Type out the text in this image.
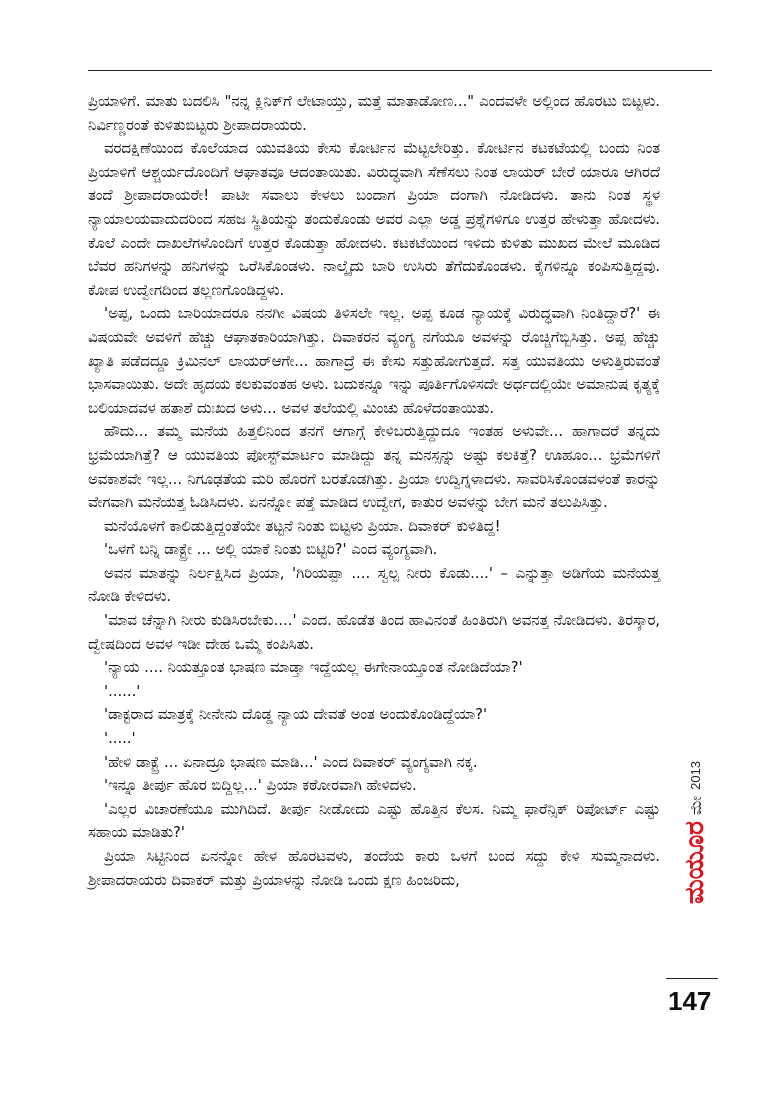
ಪ್ರಿಯಾಳಿಗೆ. ಮಾತು ಬದಲಿಸಿ "ನನ್ನ ಕ್ಲಿನಿಕ್‌ಗೆ ಲೇಟಾಯ್ತು, ಮತ್ತೆ ಮಾತಾಡೋಣ..." ಎಂದವಳೇ ಅಲ್ಲಿಂದ ಹೊರಟು ಬಿಟ್ಟಳು. ನಿರ್ವಿಣ್ಣರಂತೆ ಕುಳಿತುಬಿಟ್ಟರು ಶ್ರೀಪಾದರಾಯರು.

ವರದಕ್ಷಿಣೆಯಿಂದ ಕೊಲೆಯಾದ ಯುವತಿಯ ಕೇಸು ಕೋರ್ಟಿನ ಮೆಟ್ಟಲೇರಿತ್ತು. ಕೋರ್ಟಿನ ಕಟಕಟೆಯಲ್ಲಿ ಬಂದು ನಿಂತ ಪ್ರಿಯಾಳಿಗೆ ಆಶ್ಚರ್ಯದೊಂದಿಗೆ ಆಘಾತವೂ ಆದಂತಾಯಿತು. ವಿರುದ್ಧವಾಗಿ ಸೆಣೆಸಲು ನಿಂತ ಲಾಯರ್ ಬೇರೆ ಯಾರೂ ಆಗಿರದೆ ತಂದೆ ಶ್ರೀಪಾದರಾಯರೇ! ಪಾಟೀ ಸವಾಲು ಕೇಳಲು ಬಂದಾಗ ಪ್ರಿಯಾ ದಂಗಾಗಿ ನೋಡಿದಳು. ತಾನು ನಿಂತ ಸ್ಥಳ ನ್ಯಾಯಾಲಯವಾದುದರಿಂದ ಸಹಜ ಸ್ಥಿತಿಯನ್ನು ತಂದುಕೊಂಡು ಅವರ ಎಲ್ಲಾ ಅಡ್ಡ ಪ್ರಶ್ನೆಗಳಿಗೂ ಉತ್ತರ ಹೇಳುತ್ತಾ ಹೋದಳು. ಕೊಲೆ ಎಂದೇ ದಾಖಲೆಗಳೊಂದಿಗೆ ಉತ್ತರ ಕೊಡುತ್ತಾ ಹೋದಳು. ಕಟಕಟೆಯಿಂದ ಇಳಿದು ಕುಳಿತು ಮುಖದ ಮೇಲೆ ಮೂಡಿದ ಬೆವರ ಹನಿಗಳನ್ನು ಹನಿಗಳನ್ನು ಒರೆಸಿಕೊಂಡಳು. ನಾಲ್ಕೈದು ಬಾರಿ ಉಸಿರು ತೆಗೆದುಕೊಂಡಳು. ಕೈಗಳಿನ್ನೂ ಕಂಪಿಸುತ್ತಿದ್ದವು. ಕೋಪ ಉದ್ವೇಗದಿಂದ ತಲ್ಲಣಗೊಂಡಿದ್ದಳು.

'ಅಪ್ಪ, ಒಂದು ಬಾರಿಯಾದರೂ ನನಗೀ ವಿಷಯ ತಿಳಿಸಲೇ ಇಲ್ಲ. ಅಪ್ಪ ಕೂಡ ನ್ಯಾಯಕ್ಕೆ ವಿರುದ್ಧವಾಗಿ ನಿಂತಿದ್ದಾರೆ?' ಈ ವಿಷಯವೇ ಅವಳಿಗೆ ಹೆಚ್ಚು ಆಘಾತಕಾರಿಯಾಗಿತ್ತು. ದಿವಾಕರನ ವ್ಯಂಗ್ಯ ನಗೆಯೂ ಅವಳನ್ನು ರೊಚ್ಚಿಗೆಬ್ಬಿಸಿತ್ತು. ಅಪ್ಪ ಹೆಚ್ಚು ಖ್ಯಾತಿ ಪಡೆದದ್ದೂ ಕ್ರಿಮಿನಲ್ ಲಾಯರ್‌ಆಗೇ... ಹಾಗಾದ್ರೆ ಈ ಕೇಸು ಸತ್ತುಹೋಗುತ್ತದೆ. ಸತ್ತ ಯುವತಿಯು ಅಳುತ್ತಿರುವಂತೆ ಭಾಸವಾಯಿತು. ಅದೇ ಹೃದಯ ಕಲಕುವಂತಹ ಅಳು. ಬದುಕನ್ನೂ ಇನ್ನು ಪೂರ್ತಿಗೊಳಿಸದೇ ಅರ್ಧದಲ್ಲಿಯೇ ಅಮಾನುಷ ಕೃತ್ಯಕ್ಕೆ ಬಲಿಯಾದವಳ ಹತಾಶೆ ದುಃಖದ ಅಳು... ಅವಳ ತಲೆಯಲ್ಲಿ ಮಿಂಚು ಹೊಳೆದಂತಾಯಿತು.

ಹೌದು... ತಮ್ಮ ಮನೆಯ ಹಿತ್ತಲಿನಿಂದ ತನಗೆ ಆಗಾಗ್ಗೆ ಕೇಳಿಬರುತ್ತಿದ್ದುದೂ ಇಂತಹ ಅಳುವೇ... ಹಾಗಾದರೆ ತನ್ನದು ಭ್ರಮೆಯಾಗಿತ್ತೆ? ಆ ಯುವತಿಯ ಪೋಸ್ಟ್‌ಮಾರ್ಟಂ ಮಾಡಿದ್ದು ತನ್ನ ಮನಸ್ಸನ್ನು ಅಷ್ಟು ಕಲಕಿತ್ತೆ? ಊಹೂಂ... ಭ್ರಮೆಗಳಿಗೆ ಅವಕಾಶವೇ ಇಲ್ಲ... ನಿಗೂಢತೆಯ ಮರಿ ಹೊರಗೆ ಬರತೊಡಗಿತ್ತು. ಪ್ರಿಯಾ ಉದ್ವಿಗ್ನಳಾದಳು. ಸಾವರಿಸಿಕೊಂಡವಳಂತೆ ಕಾರನ್ನು ವೇಗವಾಗಿ ಮನೆಯತ್ತ ಓಡಿಸಿದಳು. ಏನನ್ನೋ ಪತ್ತೆ ಮಾಡಿದ ಉದ್ವೇಗ, ಕಾತುರ ಅವಳನ್ನು ಬೇಗ ಮನೆ ತಲುಪಿಸಿತ್ತು.

ಮನೆಯೊಳಗೆ ಕಾಲಿಡುತ್ತಿದ್ದಂತೆಯೇ ತಟ್ಟನೆ ನಿಂತು ಬಿಟ್ಟಳು ಪ್ರಿಯಾ. ದಿವಾಕರ್ ಕುಳಿತಿದ್ದ!

'ಒಳಗೆ ಬನ್ನಿ ಡಾಕ್ಟ್ರೇ ... ಅಲ್ಲಿ ಯಾಕೆ ನಿಂತು ಬಿಟ್ಟಿರಿ?' ಎಂದ ವ್ಯಂಗ್ಯವಾಗಿ.

ಅವನ ಮಾತನ್ನು ನಿರ್ಲಕ್ಷಿಸಿದ ಪ್ರಿಯಾ, 'ಗಿರಿಯಪ್ಪಾ .... ಸ್ವಲ್ಪ ನೀರು ಕೊಡು....' – ಎನ್ನುತ್ತಾ ಅಡಿಗೆಯ ಮನೆಯತ್ತ ನೋಡಿ ಕೇಳಿದಳು.

'ಮಾವ ಚೆನ್ನಾಗಿ ನೀರು ಕುಡಿಸಿರಬೇಕು....' ಎಂದ. ಹೊಡೆತ ತಿಂದ ಹಾವಿನಂತೆ ಹಿಂತಿರುಗಿ ಅವನತ್ತ ನೋಡಿದಳು. ತಿರಸ್ಕಾರ, ದ್ವೇಷದಿಂದ ಅವಳ ಇಡೀ ದೇಹ ಒಮ್ಮೆ ಕಂಪಿಸಿತು.

'ನ್ಯಾಯ .... ನಿಯತ್ತೂಂತ ಭಾಷಣ ಮಾಡ್ತಾ ಇದ್ದೆಯಲ್ಲ ಈಗೇನಾಯ್ತೂಂತ ನೋಡಿದೆಯಾ?'

'......'

'ಡಾಕ್ಟರಾದ ಮಾತ್ರಕ್ಕೆ ನೀನೇನು ದೊಡ್ಡ ನ್ಯಾಯ ದೇವತೆ ಅಂತ ಅಂದುಕೊಂಡಿದ್ದೆಯಾ?'

'.....'

'ಹೇಳಿ ಡಾಕ್ಟ್ರೆ ... ಏನಾದ್ರೂ ಭಾಷಣ ಮಾಡಿ...' ಎಂದ ದಿವಾಕರ್ ವ್ಯಂಗ್ಯವಾಗಿ ನಕ್ಕ.

'ಇನ್ನೂ ತೀರ್ಪು ಹೊರ ಬಿದ್ದಿಲ್ಲ...' ಪ್ರಿಯಾ ಕಠೋರವಾಗಿ ಹೇಳಿದಳು.

'ಎಲ್ಲರ ವಿಚಾರಣೆಯೂ ಮುಗಿದಿದೆ. ತೀರ್ಪು ನೀಡೋದು ಎಷ್ಟು ಹೊತ್ತಿನ ಕೆಲಸ. ನಿಮ್ಮ ಫಾರೆನ್ಸಿಕ್ ರಿಪೋರ್ಟ್ ಎಷ್ಟು ಸಹಾಯ ಮಾಡಿತು?'

ಪ್ರಿಯಾ ಸಿಟ್ಟಿನಿಂದ ಏನನ್ನೋ ಹೇಳ ಹೊರಟವಳು, ತಂದೆಯ ಕಾರು ಒಳಗೆ ಬಂದ ಸದ್ದು ಕೇಳಿ ಸುಮ್ಮನಾದಳು. ಶ್ರೀಪಾದರಾಯರು ದಿವಾಕರ್ ಮತ್ತು ಪ್ರಿಯಾಳನ್ನು ನೋಡಿ ಒಂದು ಕ್ಷಣ ಹಿಂಜರಿದು,	ಮಯೂರ
ಮೇ
2013
147
